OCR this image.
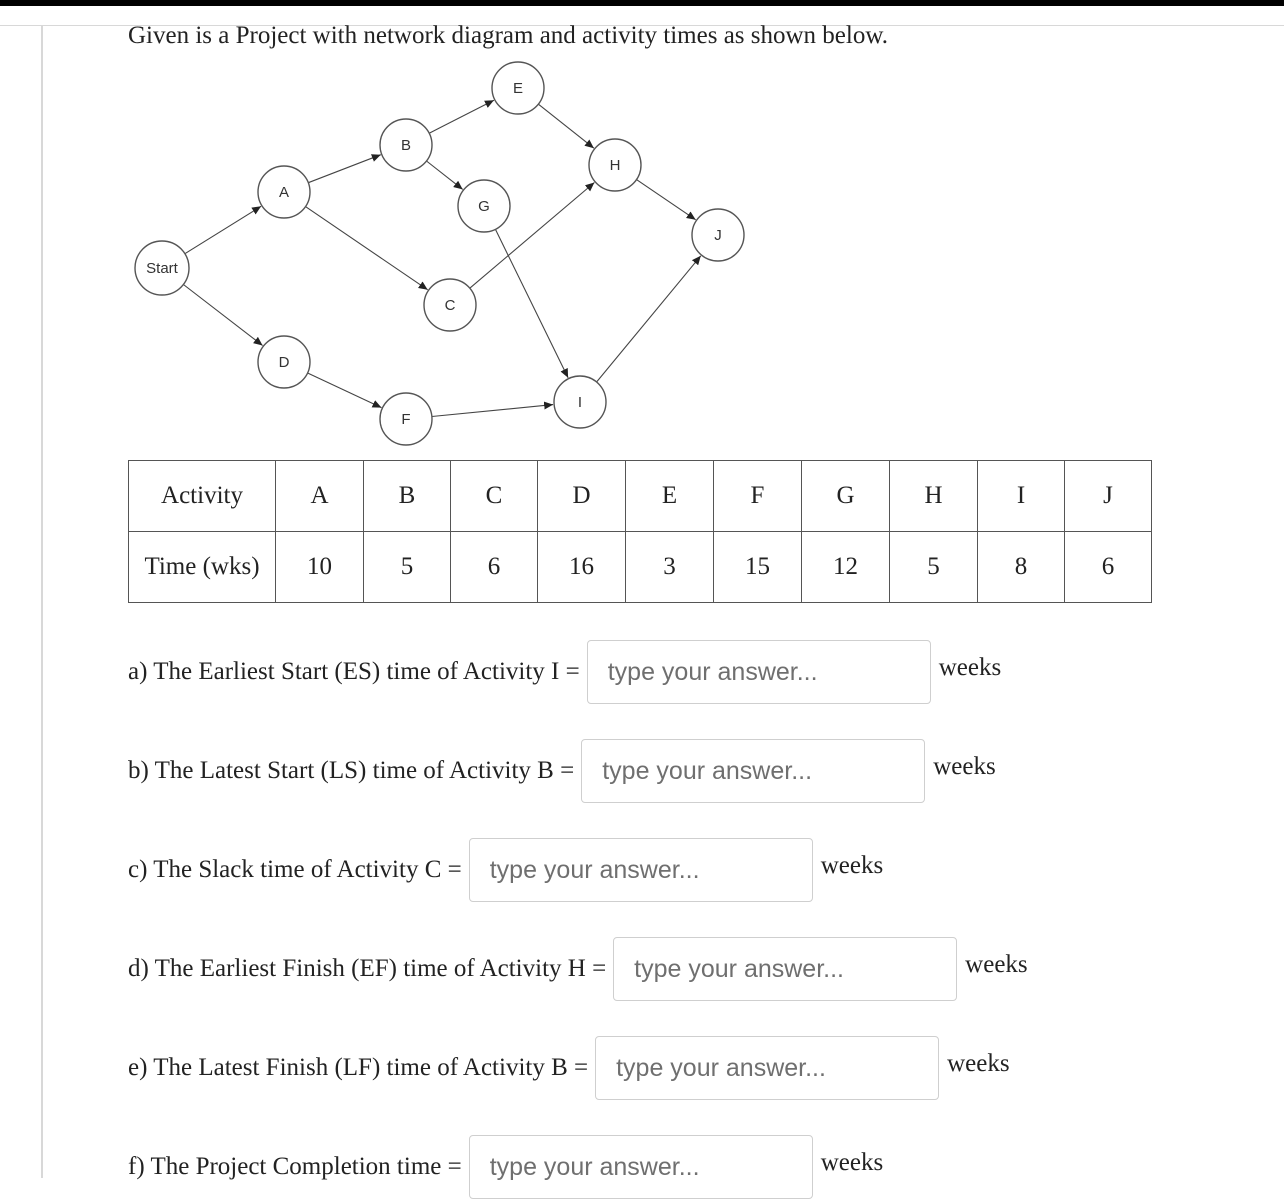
Given is a Project with network diagram and activity times as shown below.
Start
A
B
C
D
E
F
G
H
I
J
Activity	A	B	C	D	E	F	G	H	I	J
Time (wks)	10	5	6	16	3	15	12	5	8	6
a) The Earliest Start (ES) time of Activity I =
type your answer...	weeks
b) The Latest Start (LS) time of Activity B =
type your answer...	weeks
c) The Slack time of Activity C =
type your answer...	weeks
d) The Earliest Finish (EF) time of Activity H =
type your answer...	weeks
e) The Latest Finish (LF) time of Activity B =
type your answer...	weeks
f) The Project Completion time =
type your answer...	weeks
